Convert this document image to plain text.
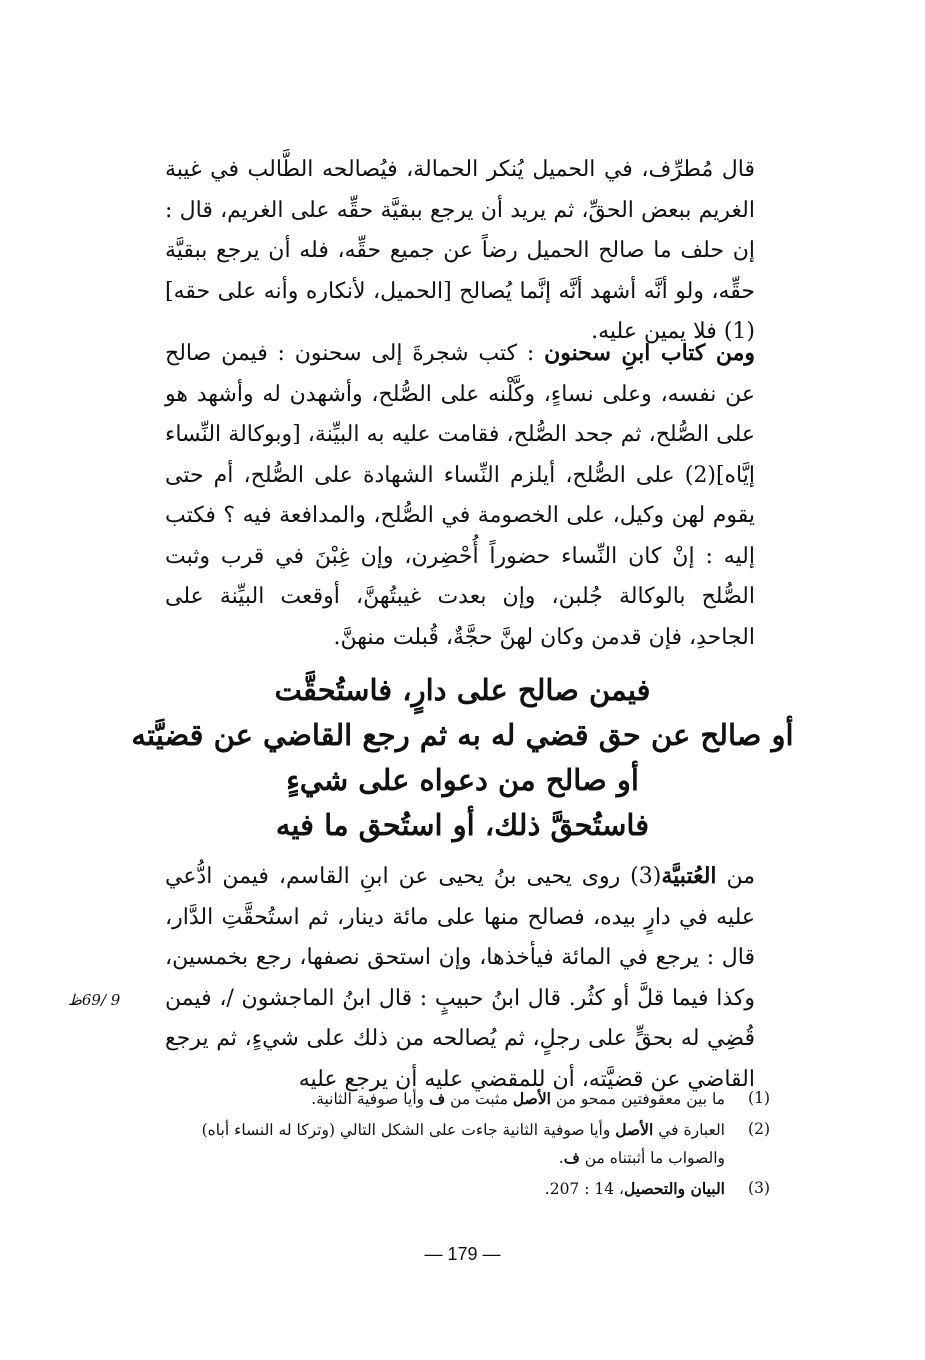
قال مُطرِّف، في الحميل يُنكر الحمالة، فيُصالحه الطَّالب في غيبة الغريم ببعض الحقِّ، ثم يريد أن يرجع ببقيَّة حقِّه على الغريم، قال : إن حلف ما صالح الحميل رضاً عن جميع حقِّه، فله أن يرجع ببقيَّة حقِّه، ولو أنَّه أشهد أنَّه إنَّما يُصالح [الحميل، لأنكاره وأنه على حقه](1) فلا يمين عليه.

ومن كتاب ابنِ سحنون : كتب شجرةَ إلى سحنون : فيمن صالح عن نفسه، وعلى نساءٍ، وكَّلْنه على الصُّلح، وأشهدن له وأشهد هو على الصُّلح، ثم جحد الصُّلح، فقامت عليه به البيِّنة، [وبوكالة النِّساء إيَّاه](2) على الصُّلح، أيلزم النِّساء الشهادة على الصُّلح، أم حتى يقوم لهن وكيل، على الخصومة في الصُّلح، والمدافعة فيه ؟ فكتب إليه : إنْ كان النِّساء حضوراً أُحْضِرن، وإن غِبْنَ في قرب وثبت الصُّلح بالوكالة جُلبن، وإن بعدت غيبتُهنَّ، أوقعت البيِّنة على الجاحدِ، فإن قدمن وكان لهنَّ حجَّةٌ، قُبلت منهنَّ.

فيمن صالح على دارٍ، فاستُحقَّت
أو صالح عن حق قضي له به ثم رجع القاضي عن قضيَّته
أو صالح من دعواه على شيءٍ
فاستُحقَّ ذلك، أو استُحق ما فيه

من العُتبيَّة(3) روى يحيى بنُ يحيى عن ابنِ القاسم، فيمن ادُّعي عليه في دارٍ بيده، فصالح منها على مائة دينار، ثم استُحقَّتِ الدَّار، قال : يرجع في المائة فيأخذها، وإن استحق نصفها، رجع بخمسين، وكذا فيما قلَّ أو كثُر. قال ابنُ حبيبٍ : قال ابنُ الماجشون /، فيمن قُضِي له بحقٍّ على رجلٍ، ثم يُصالحه من ذلك على شيءٍ، ثم يرجع القاضي عن قضيَّته، أن للمقضي عليه أن يرجع عليه

9 /69ظ
(1)
ما بين معقوفتين ممحو من الأصل مثبت من ف وأيا صوفية الثانية.
(2)
العبارة في الأصل وأيا صوفية الثانية جاءت على الشكل التالي (وتركا له النساء أباه) والصواب ما أثبتناه من ف.
(3)
البيان والتحصيل، 14 : 207.
— 179 —
